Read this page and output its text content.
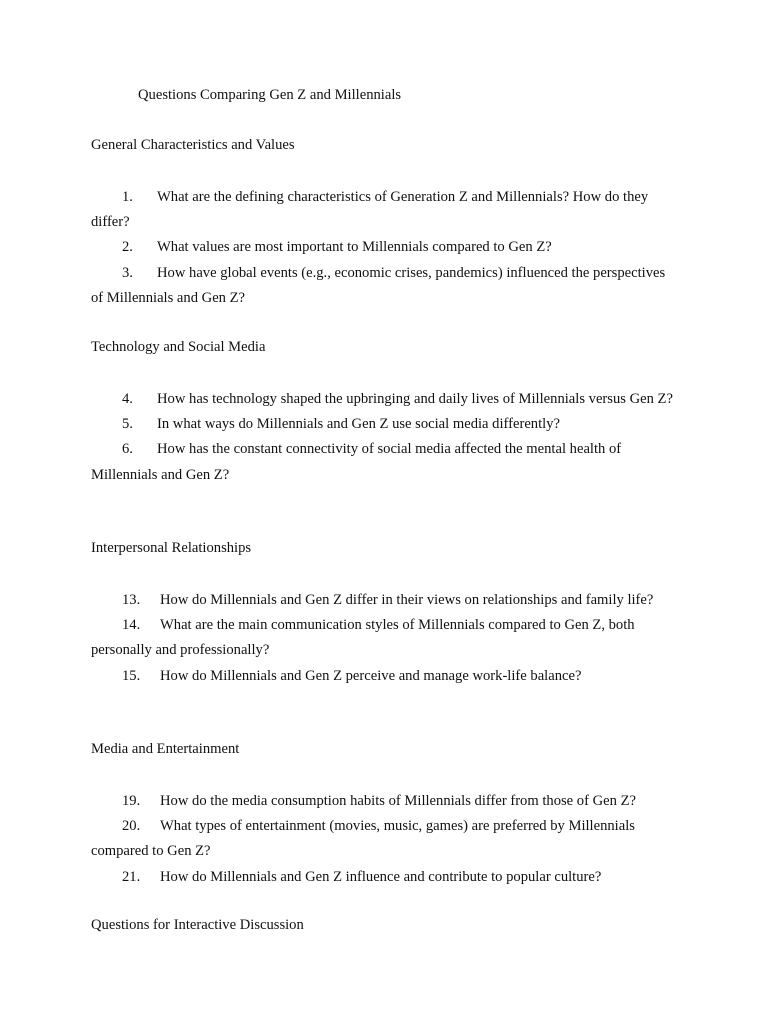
Questions Comparing Gen Z and Millennials
General Characteristics and Values
1. What are the defining characteristics of Generation Z and Millennials? How do they differ?
2. What values are most important to Millennials compared to Gen Z?
3. How have global events (e.g., economic crises, pandemics) influenced the perspectives of Millennials and Gen Z?
Technology and Social Media
4. How has technology shaped the upbringing and daily lives of Millennials versus Gen Z?
5. In what ways do Millennials and Gen Z use social media differently?
6. How has the constant connectivity of social media affected the mental health of Millennials and Gen Z?
Interpersonal Relationships
13. How do Millennials and Gen Z differ in their views on relationships and family life?
14. What are the main communication styles of Millennials compared to Gen Z, both personally and professionally?
15. How do Millennials and Gen Z perceive and manage work-life balance?
Media and Entertainment
19. How do the media consumption habits of Millennials differ from those of Gen Z?
20. What types of entertainment (movies, music, games) are preferred by Millennials compared to Gen Z?
21. How do Millennials and Gen Z influence and contribute to popular culture?
Questions for Interactive Discussion
